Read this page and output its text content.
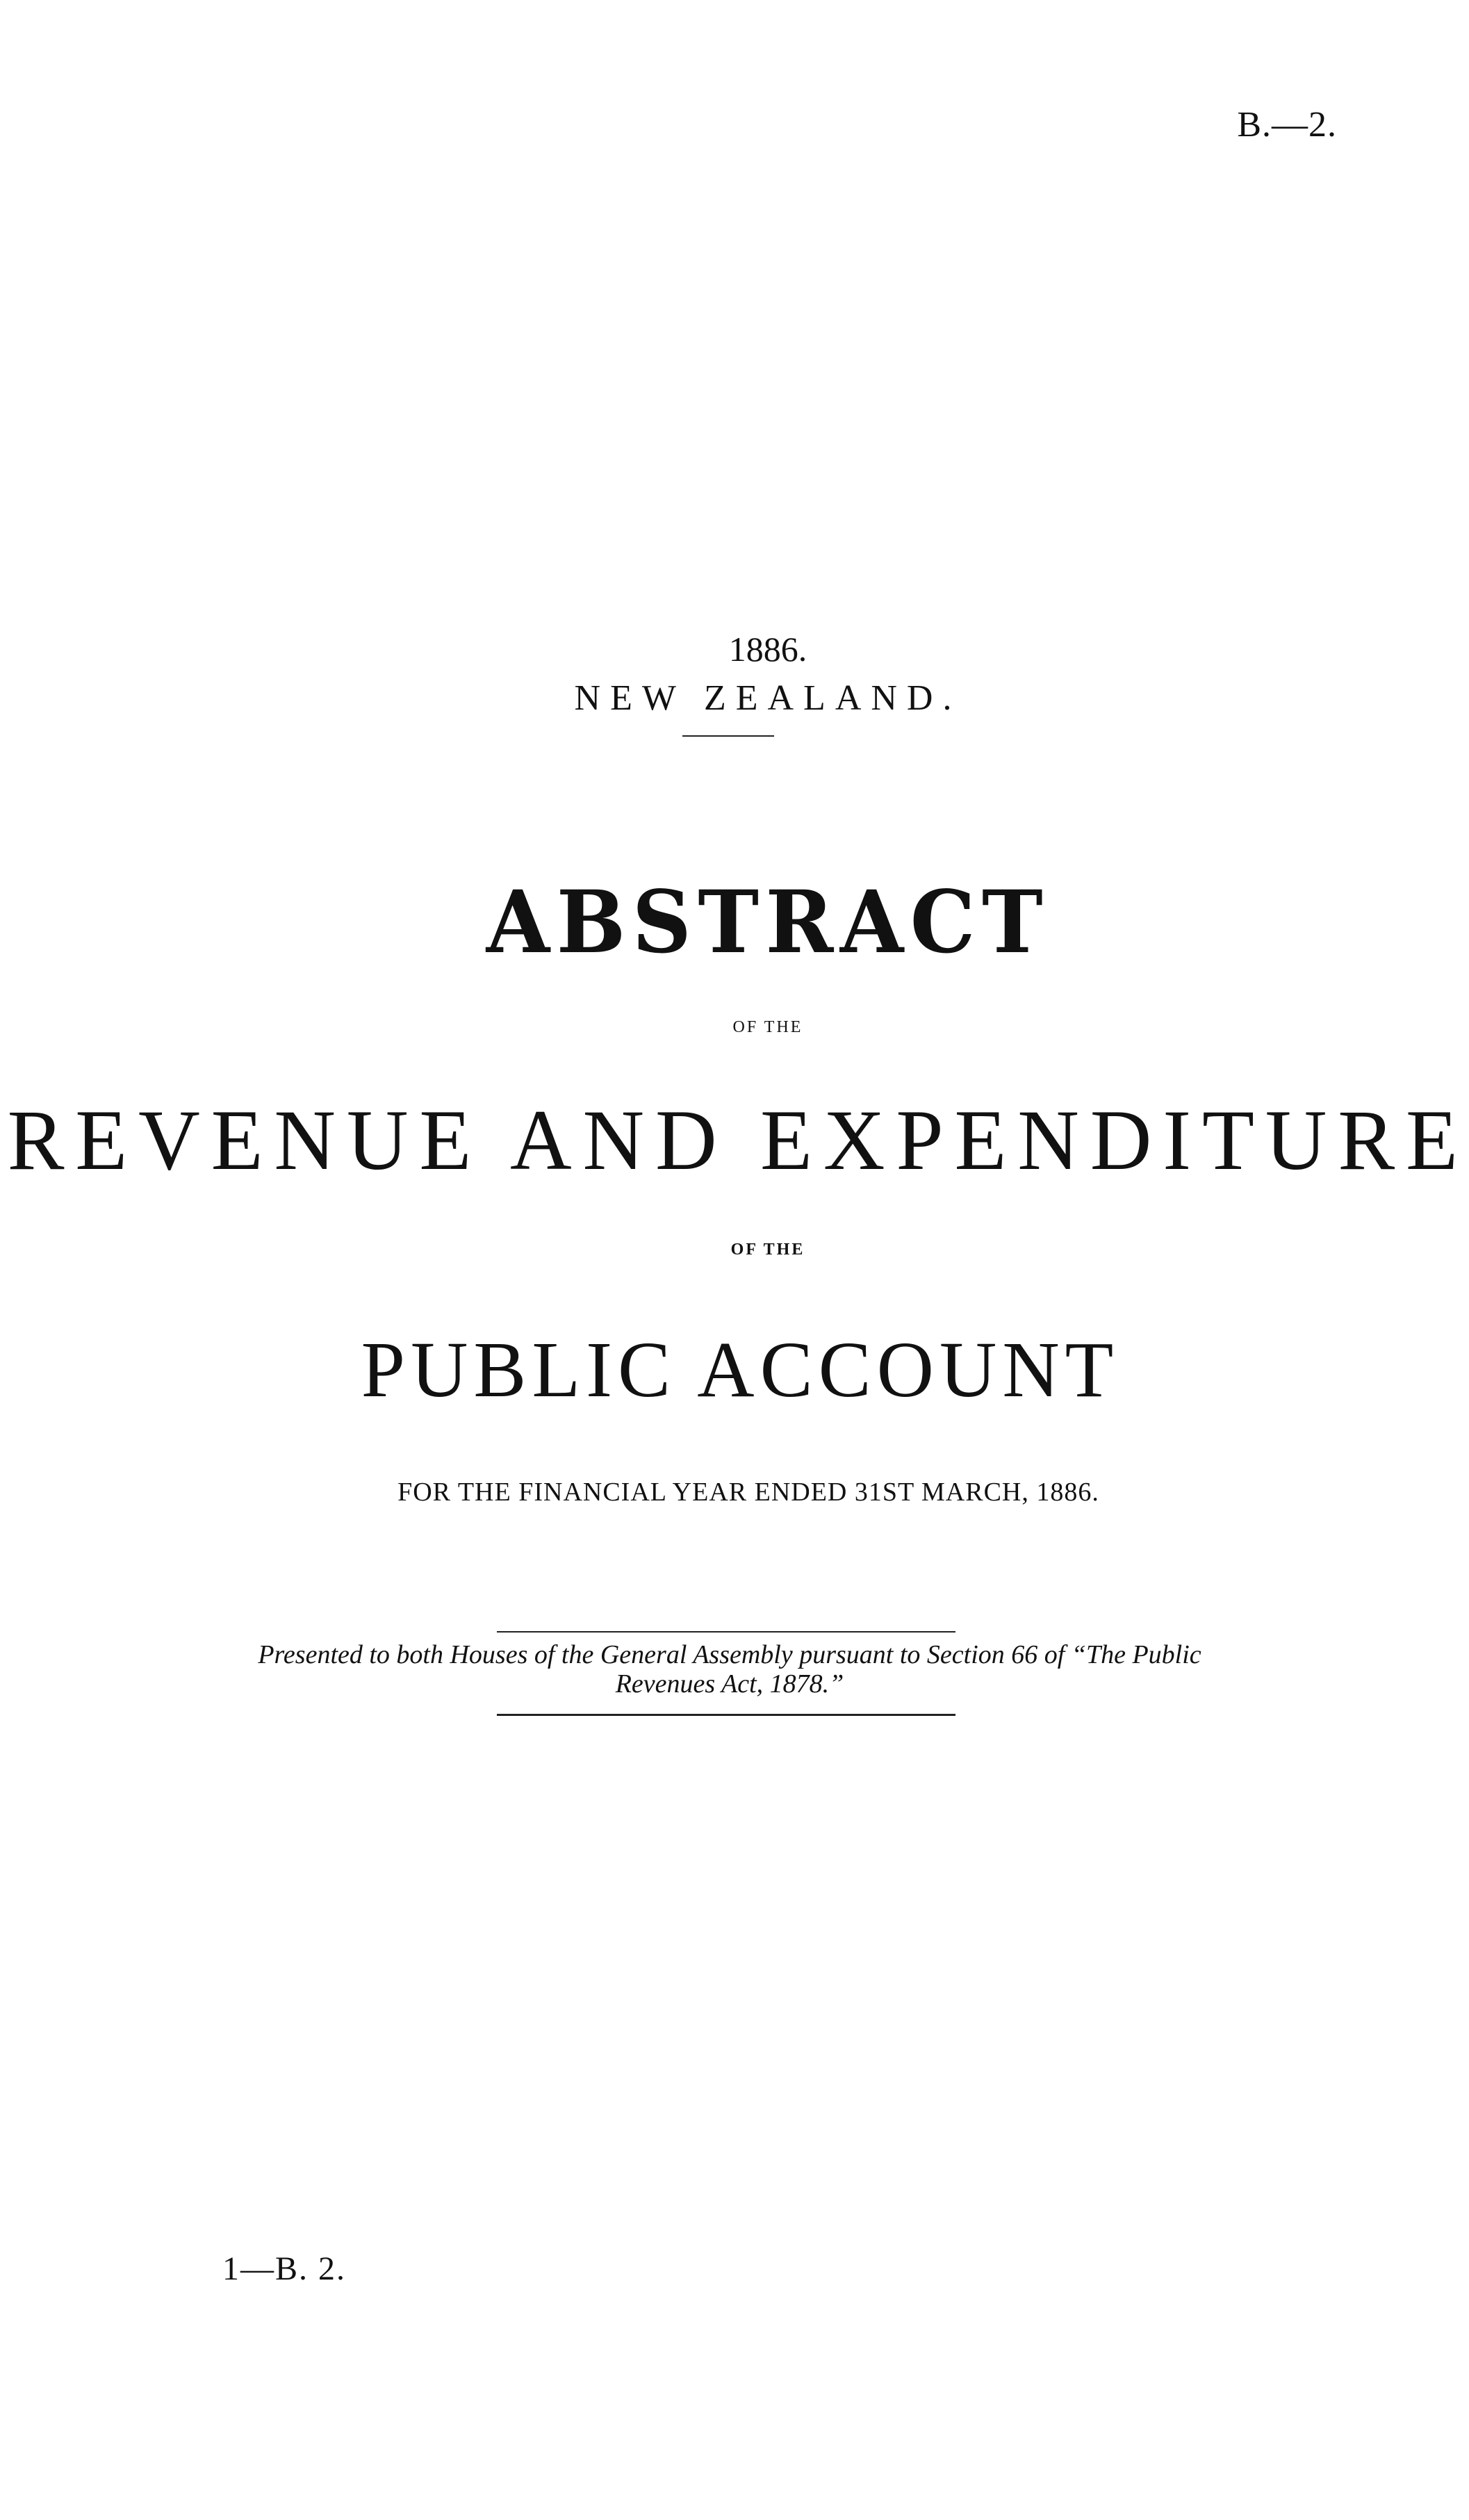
B.—2.

1886.

NEW ZEALAND.

ABSTRACT

OF THE

REVENUE AND EXPENDITURE

OF THE

PUBLIC ACCOUNT

FOR THE FINANCIAL YEAR ENDED 31ST MARCH, 1886.

Presented to both Houses of the General Assembly pursuant to Section 66 of “The Public
Revenues Act, 1878.”

1—B. 2.
